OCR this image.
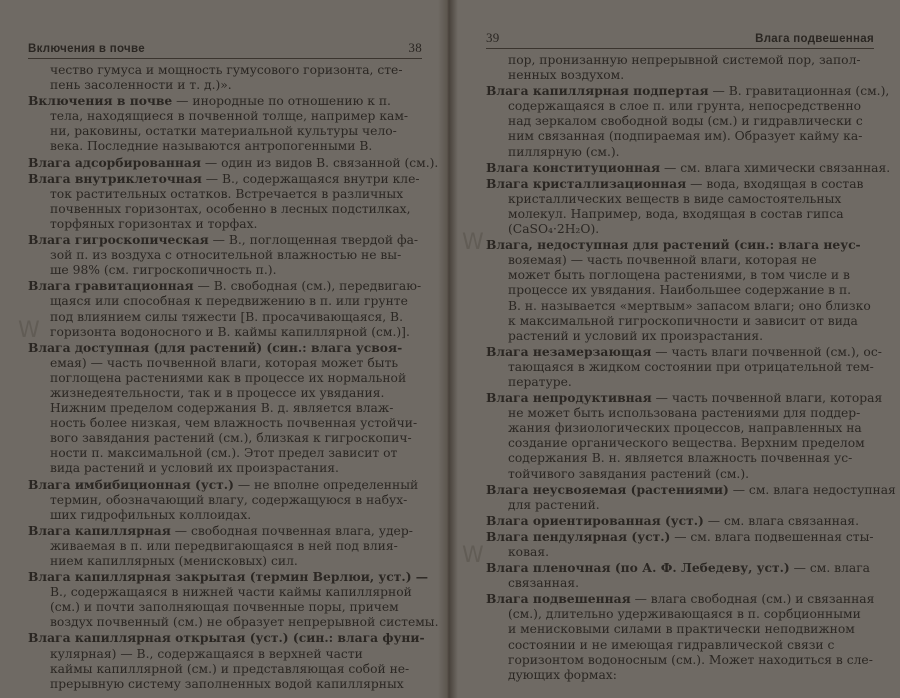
Включения в почве	38
чество гумуса и мощность гумусового горизонта, сте-
пень засоленности и т. д.)».
Включения в почве — инородные по отношению к п.
тела, находящиеся в почвенной толще, например кам-
ни, раковины, остатки материальной культуры чело-
века. Последние называются антропогенными В.
Влага адсорбированная — один из видов В. связанной (см.).
Влага внутриклеточная — В., содержащаяся внутри кле-
ток растительных остатков. Встречается в различных
почвенных горизонтах, особенно в лесных подстилках,
торфяных горизонтах и торфах.
Влага гигроскопическая — В., поглощенная твердой фа-
зой п. из воздуха с относительной влажностью не вы-
ше 98% (см. гигроскопичность п.).
Влага гравитационная — В. свободная (см.), передвигаю-
щаяся или способная к передвижению в п. или грунте
под влиянием силы тяжести [В. просачивающаяся, В.
горизонта водоносного и В. каймы капиллярной (см.)].
Влага доступная (для растений) (син.: влага усвоя-
емая) — часть почвенной влаги, которая может быть
поглощена растениями как в процессе их нормальной
жизнедеятельности, так и в процессе их увядания.
Нижним пределом содержания В. д. является влаж-
ность более низкая, чем влажность почвенная устойчи-
вого завядания растений (см.), близкая к гигроскопич-
ности п. максимальной (см.). Этот предел зависит от
вида растений и условий их произрастания.
Влага имбибиционная (уст.) — не вполне определенный
термин, обозначающий влагу, содержащуюся в набух-
ших гидрофильных коллоидах.
Влага капиллярная — свободная почвенная влага, удер-
живаемая в п. или передвигающаяся в ней под влия-
нием капиллярных (менисковых) сил.
Влага капиллярная закрытая (термин Верлюи, уст.) —
В., содержащаяся в нижней части каймы капиллярной
(см.) и почти заполняющая почвенные поры, причем
воздух почвенный (см.) не образует непрерывной системы.
Влага капиллярная открытая (уст.) (син.: влага фуни-
кулярная) — В., содержащаяся в верхней части
каймы капиллярной (см.) и представляющая собой не-
прерывную систему заполненных водой капиллярных
39	Влага подвешенная
пор, пронизанную непрерывной системой пор, запол-
ненных воздухом.
Влага капиллярная подпертая — В. гравитационная (см.),
содержащаяся в слое п. или грунта, непосредственно
над зеркалом свободной воды (см.) и гидравлически с
ним связанная (подпираемая им). Образует кайму ка-
пиллярную (см.).
Влага конституционная — см. влага химически связанная.
Влага кристаллизационная — вода, входящая в состав
кристаллических веществ в виде самостоятельных
молекул. Например, вода, входящая в состав гипса
(CaSO₄·2H₂O).
Влага, недоступная для растений (син.: влага неус-
вояемая) — часть почвенной влаги, которая не
может быть поглощена растениями, в том числе и в
процессе их увядания. Наибольшее содержание в п.
В. н. называется «мертвым» запасом влаги; оно близко
к максимальной гигроскопичности и зависит от вида
растений и условий их произрастания.
Влага незамерзающая — часть влаги почвенной (см.), ос-
тающаяся в жидком состоянии при отрицательной тем-
пературе.
Влага непродуктивная — часть почвенной влаги, которая
не может быть использована растениями для поддер-
жания физиологических процессов, направленных на
создание органического вещества. Верхним пределом
содержания В. н. является влажность почвенная ус-
тойчивого завядания растений (см.).
Влага неусвояемая (растениями) — см. влага недоступная
для растений.
Влага ориентированная (уст.) — см. влага связанная.
Влага пендулярная (уст.) — см. влага подвешенная сты-
ковая.
Влага пленочная (по А. Ф. Лебедеву, уст.) — см. влага
связанная.
Влага подвешенная — влага свободная (см.) и связанная
(см.), длительно удерживающаяся в п. сорбционными
и менисковыми силами в практически неподвижном
состоянии и не имеющая гидравлической связи с
горизонтом водоносным (см.). Может находиться в сле-
дующих формах:
W
W
W
